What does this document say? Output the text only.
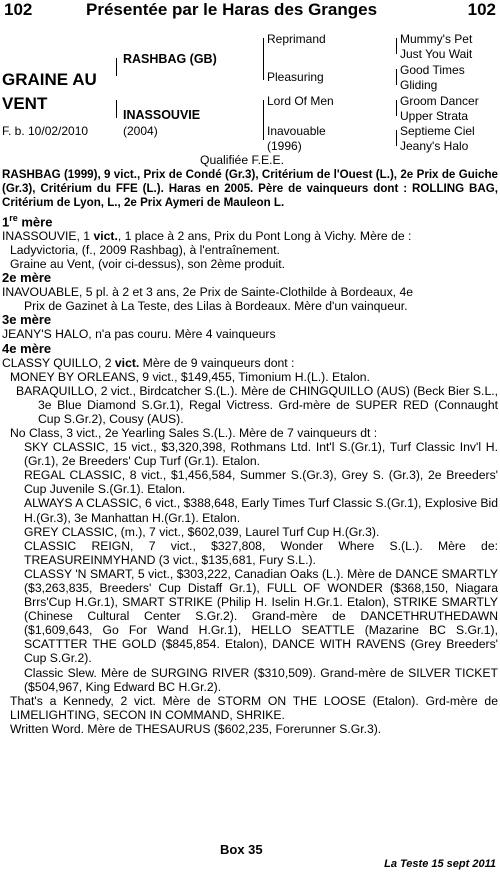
102	Présentée par le Haras des Granges	102
GRAINE AU
VENT
F. b. 10/02/2010
RASHBAG (GB)
INASSOUVIE
(2004)
Reprimand
Pleasuring
Lord Of Men
Inavouable
(1996)
Mummy's Pet
Just You Wait
Good Times
Gliding
Groom Dancer
Upper Strata
Septieme Ciel
Jeany's Halo
Qualifiée F.E.E.

RASHBAG (1999), 9 vict., Prix de Condé (Gr.3), Critérium de l'Ouest (L.), 2e Prix de Guiche (Gr.3), Critérium du FFE (L.). Haras en 2005. Père de vainqueurs dont : ROLLING BAG, Critérium de Lyon, L., 2e Prix Aymeri de Mauleon L.

1re mère

INASSOUVIE, 1 vict., 1 place à 2 ans, Prix du Pont Long à Vichy. Mère de :

Ladyvictoria, (f., 2009 Rashbag), à l'entraînement.

Graine au Vent, (voir ci-dessus), son 2ème produit.

2e mère

INAVOUABLE, 5 pl. à 2 et 3 ans, 2e Prix de Sainte-Clothilde à Bordeaux, 4e

Prix de Gazinet à La Teste, des Lilas à Bordeaux. Mère d'un vainqueur.

3e mère

JEANY'S HALO, n'a pas couru. Mère 4 vainqueurs

4e mère

CLASSY QUILLO, 2 vict. Mère de 9 vainqueurs dont :

MONEY BY ORLEANS, 9 vict., $149,455, Timonium H.(L.). Etalon.

BARAQUILLO, 2 vict., Birdcatcher S.(L.). Mère de CHINGQUILLO (AUS) (Beck Bier S.L., 3e Blue Diamond S.Gr.1), Regal Victress. Grd-mère de SUPER RED (Connaught Cup S.Gr.2), Cousy (AUS).

No Class, 3 vict., 2e Yearling Sales S.(L.). Mère de 7 vainqueurs dt :

SKY CLASSIC, 15 vict., $3,320,398, Rothmans Ltd. Int'l S.(Gr.1), Turf Classic Inv'l H.(Gr.1), 2e Breeders' Cup Turf (Gr.1). Etalon.

REGAL CLASSIC, 8 vict., $1,456,584, Summer S.(Gr.3), Grey S. (Gr.3), 2e Breeders' Cup Juvenile S.(Gr.1). Etalon.

ALWAYS A CLASSIC, 6 vict., $388,648, Early Times Turf Classic S.(Gr.1), Explosive Bid H.(Gr.3), 3e Manhattan H.(Gr.1). Etalon.

GREY CLASSIC, (m.), 7 vict., $602,039, Laurel Turf Cup H.(Gr.3).

CLASSIC REIGN, 7 vict., $327,808, Wonder Where S.(L.). Mère de: TREASUREINMYHAND (3 vict., $135,681, Fury S.L.).

CLASSY 'N SMART, 5 vict., $303,222, Canadian Oaks (L.). Mère de DANCE SMARTLY ($3,263,835, Breeders' Cup Distaff Gr.1), FULL OF WONDER ($368,150, Niagara Brrs'Cup H.Gr.1), SMART STRIKE (Philip H. Iselin H.Gr.1. Etalon), STRIKE SMARTLY (Chinese Cultural Center S.Gr.2). Grand-mère de DANCETHRUTHEDAWN ($1,609,643, Go For Wand H.Gr.1), HELLO SEATTLE (Mazarine BC S.Gr.1), SCATTTER THE GOLD ($845,854. Etalon), DANCE WITH RAVENS (Grey Breeders' Cup S.Gr.2).

Classic Slew. Mère de SURGING RIVER ($310,509). Grand-mère de SILVER TICKET ($504,967, King Edward BC H.Gr.2).

That's a Kennedy, 2 vict. Mère de STORM ON THE LOOSE (Etalon). Grd-mère de LIMELIGHTING, SECON IN COMMAND, SHRIKE.

Written Word. Mère de THESAURUS ($602,235, Forerunner S.Gr.3).

Box 35
La Teste 15 sept 2011
